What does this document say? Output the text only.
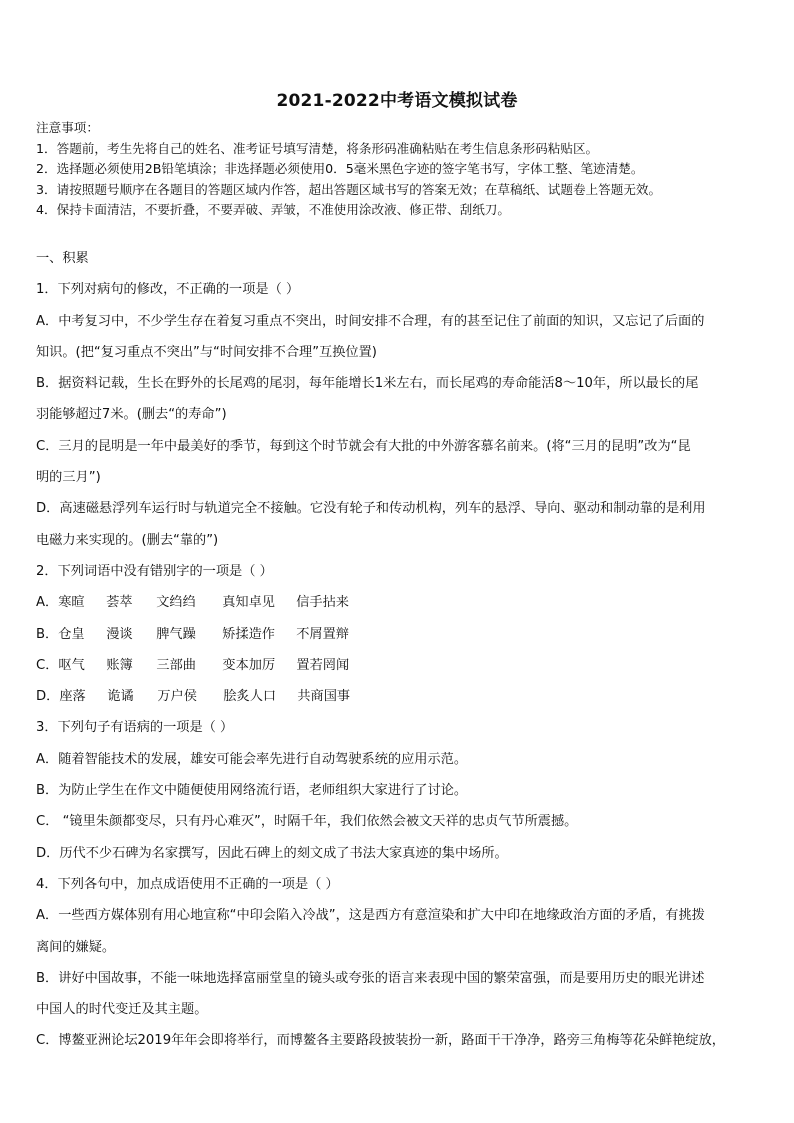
2021-2022中考语文模拟试卷
注意事项：
1．答题前，考生先将自己的姓名、准考证号填写清楚，将条形码准确粘贴在考生信息条形码粘贴区。
2．选择题必须使用2B铅笔填涂；非选择题必须使用0．5毫米黑色字迹的签字笔书写，字体工整、笔迹清楚。
3．请按照题号顺序在各题目的答题区域内作答，超出答题区域书写的答案无效；在草稿纸、试题卷上答题无效。
4．保持卡面清洁，不要折叠，不要弄破、弄皱，不准使用涂改液、修正带、刮纸刀。
一、积累
1．下列对病句的修改，不正确的一项是（ ）
A．中考复习中，不少学生存在着复习重点不突出，时间安排不合理，有的甚至记住了前面的知识，又忘记了后面的
知识。(把“复习重点不突出”与“时间安排不合理”互换位置)
B．据资料记载，生长在野外的长尾鸡的尾羽，每年能增长1米左右，而长尾鸡的寿命能活8～10年，所以最长的尾
羽能够超过7米。(删去“的寿命”)
C．三月的昆明是一年中最美好的季节，每到这个时节就会有大批的中外游客慕名前来。(将“三月的昆明”改为“昆
明的三月”)
D．高速磁悬浮列车运行时与轨道完全不接触。它没有轮子和传动机构，列车的悬浮、导向、驱动和制动靠的是利用
电磁力来实现的。(删去“靠的”)
2．下列词语中没有错别字的一项是（ ）
A． 寒暄	荟萃	文绉绉	真知卓见	信手拈来
B． 仓皇	漫谈	脾气躁	矫揉造作	不屑置辩
C． 呕气	账簿	三部曲	变本加厉	置若罔闻
D． 座落	诡谲	万户侯	脍炙人口	共商国事
3．下列句子有语病的一项是（ ）
A．随着智能技术的发展，雄安可能会率先进行自动驾驶系统的应用示范。
B．为防止学生在作文中随便使用网络流行语，老师组织大家进行了讨论。
C． “镜里朱颜都变尽，只有丹心难灭”，时隔千年，我们依然会被文天祥的忠贞气节所震撼。
D．历代不少石碑为名家撰写，因此石碑上的刻文成了书法大家真迹的集中场所。
4．下列各句中，加点成语使用不正确的一项是（ ）
A．一些西方媒体别有用心地宣称“中印会陷入冷战”，这是西方有意渲染和扩大中印在地缘政治方面的矛盾，有挑拨
离间的嫌疑。
B．讲好中国故事，不能一味地选择富丽堂皇的镜头或夸张的语言来表现中国的繁荣富强，而是要用历史的眼光讲述
中国人的时代变迁及其主题。
C．博鳌亚洲论坛2019年年会即将举行，而博鳌各主要路段披装扮一新，路面干干净净，路旁三角梅等花朵鲜艳绽放，
